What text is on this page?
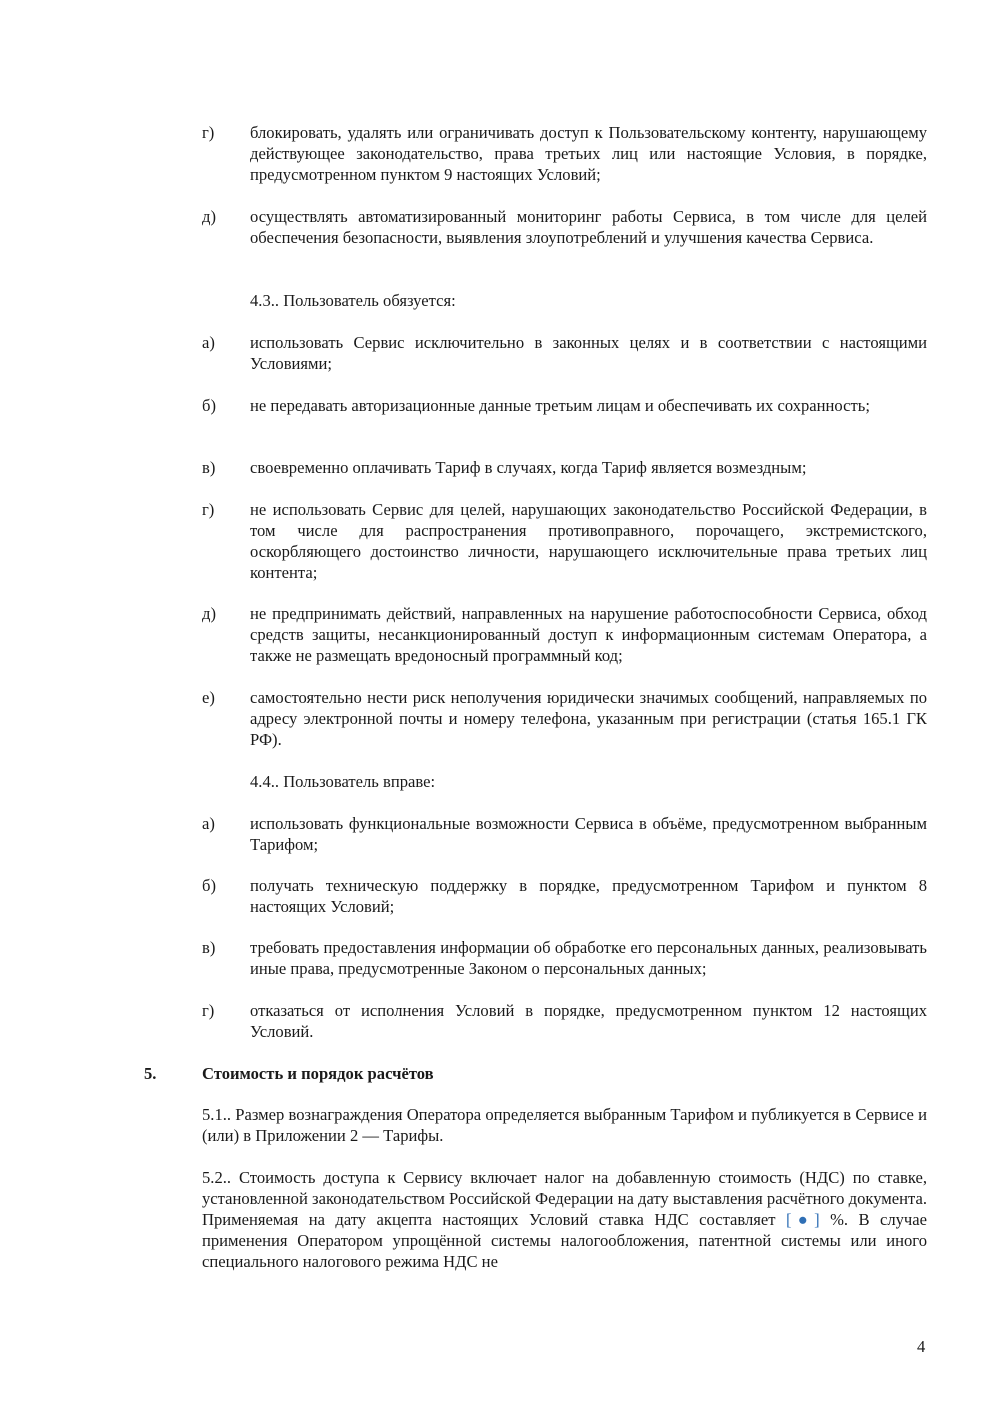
г) блокировать, удалять или ограничивать доступ к Пользовательскому контенту, нарушающему действующее законодательство, права третьих лиц или настоящие Условия, в порядке, предусмотренном пунктом 9 настоящих Условий;
д) осуществлять автоматизированный мониторинг работы Сервиса, в том числе для целей обеспечения безопасности, выявления злоупотреблений и улучшения качества Сервиса.
4.3.. Пользователь обязуется:
а) использовать Сервис исключительно в законных целях и в соответствии с настоящими Условиями;
б) не передавать авторизационные данные третьим лицам и обеспечивать их сохранность;
в) своевременно оплачивать Тариф в случаях, когда Тариф является возмездным;
г) не использовать Сервис для целей, нарушающих законодательство Российской Федерации, в том числе для распространения противоправного, порочащего, экстремистского, оскорбляющего достоинство личности, нарушающего исключительные права третьих лиц контента;
д) не предпринимать действий, направленных на нарушение работоспособности Сервиса, обход средств защиты, несанкционированный доступ к информационным системам Оператора, а также не размещать вредоносный программный код;
е) самостоятельно нести риск неполучения юридически значимых сообщений, направляемых по адресу электронной почты и номеру телефона, указанным при регистрации (статья 165.1 ГК РФ).
4.4.. Пользователь вправе:
а) использовать функциональные возможности Сервиса в объёме, предусмотренном выбранным Тарифом;
б) получать техническую поддержку в порядке, предусмотренном Тарифом и пунктом 8 настоящих Условий;
в) требовать предоставления информации об обработке его персональных данных, реализовывать иные права, предусмотренные Законом о персональных данных;
г) отказаться от исполнения Условий в порядке, предусмотренном пунктом 12 настоящих Условий.
5.	Стоимость и порядок расчётов
5.1.. Размер вознаграждения Оператора определяется выбранным Тарифом и публикуется в Сервисе и (или) в Приложении 2 — Тарифы.
5.2.. Стоимость доступа к Сервису включает налог на добавленную стоимость (НДС) по ставке, установленной законодательством Российской Федерации на дату выставления расчётного документа. Применяемая на дату акцепта настоящих Условий ставка НДС составляет [●] %. В случае применения Оператором упрощённой системы налогообложения, патентной системы или иного специального налогового режима НДС не
4
